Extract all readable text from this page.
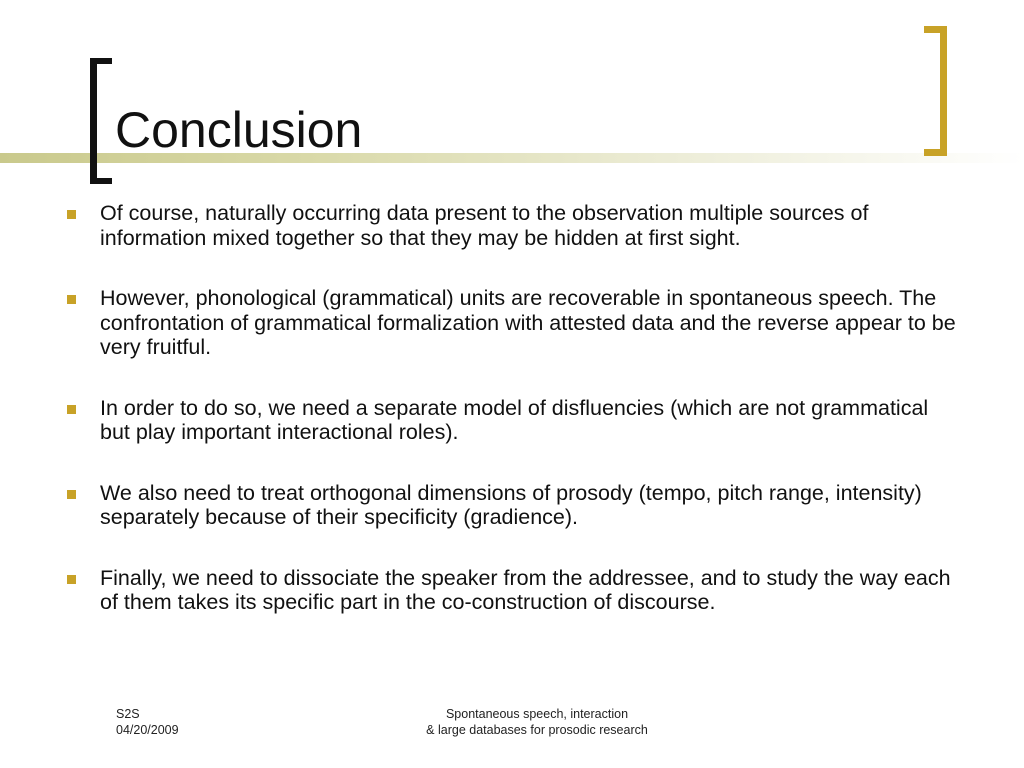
Conclusion
Of course, naturally occurring data present to the observation multiple sources of information mixed together so that they may be hidden at first sight.
However, phonological (grammatical) units are recoverable in spontaneous speech. The confrontation of grammatical formalization with attested data and the reverse appear to be very fruitful.
In order to do so, we need a separate model of disfluencies (which are not grammatical but play important interactional roles).
We also need to treat orthogonal dimensions of prosody (tempo, pitch range, intensity) separately because of their specificity (gradience).
Finally, we need to dissociate the speaker from the addressee, and to study the way each of them takes its specific part in the co-construction of discourse.
S2S
04/20/2009
Spontaneous speech, interaction
& large databases for prosodic research
